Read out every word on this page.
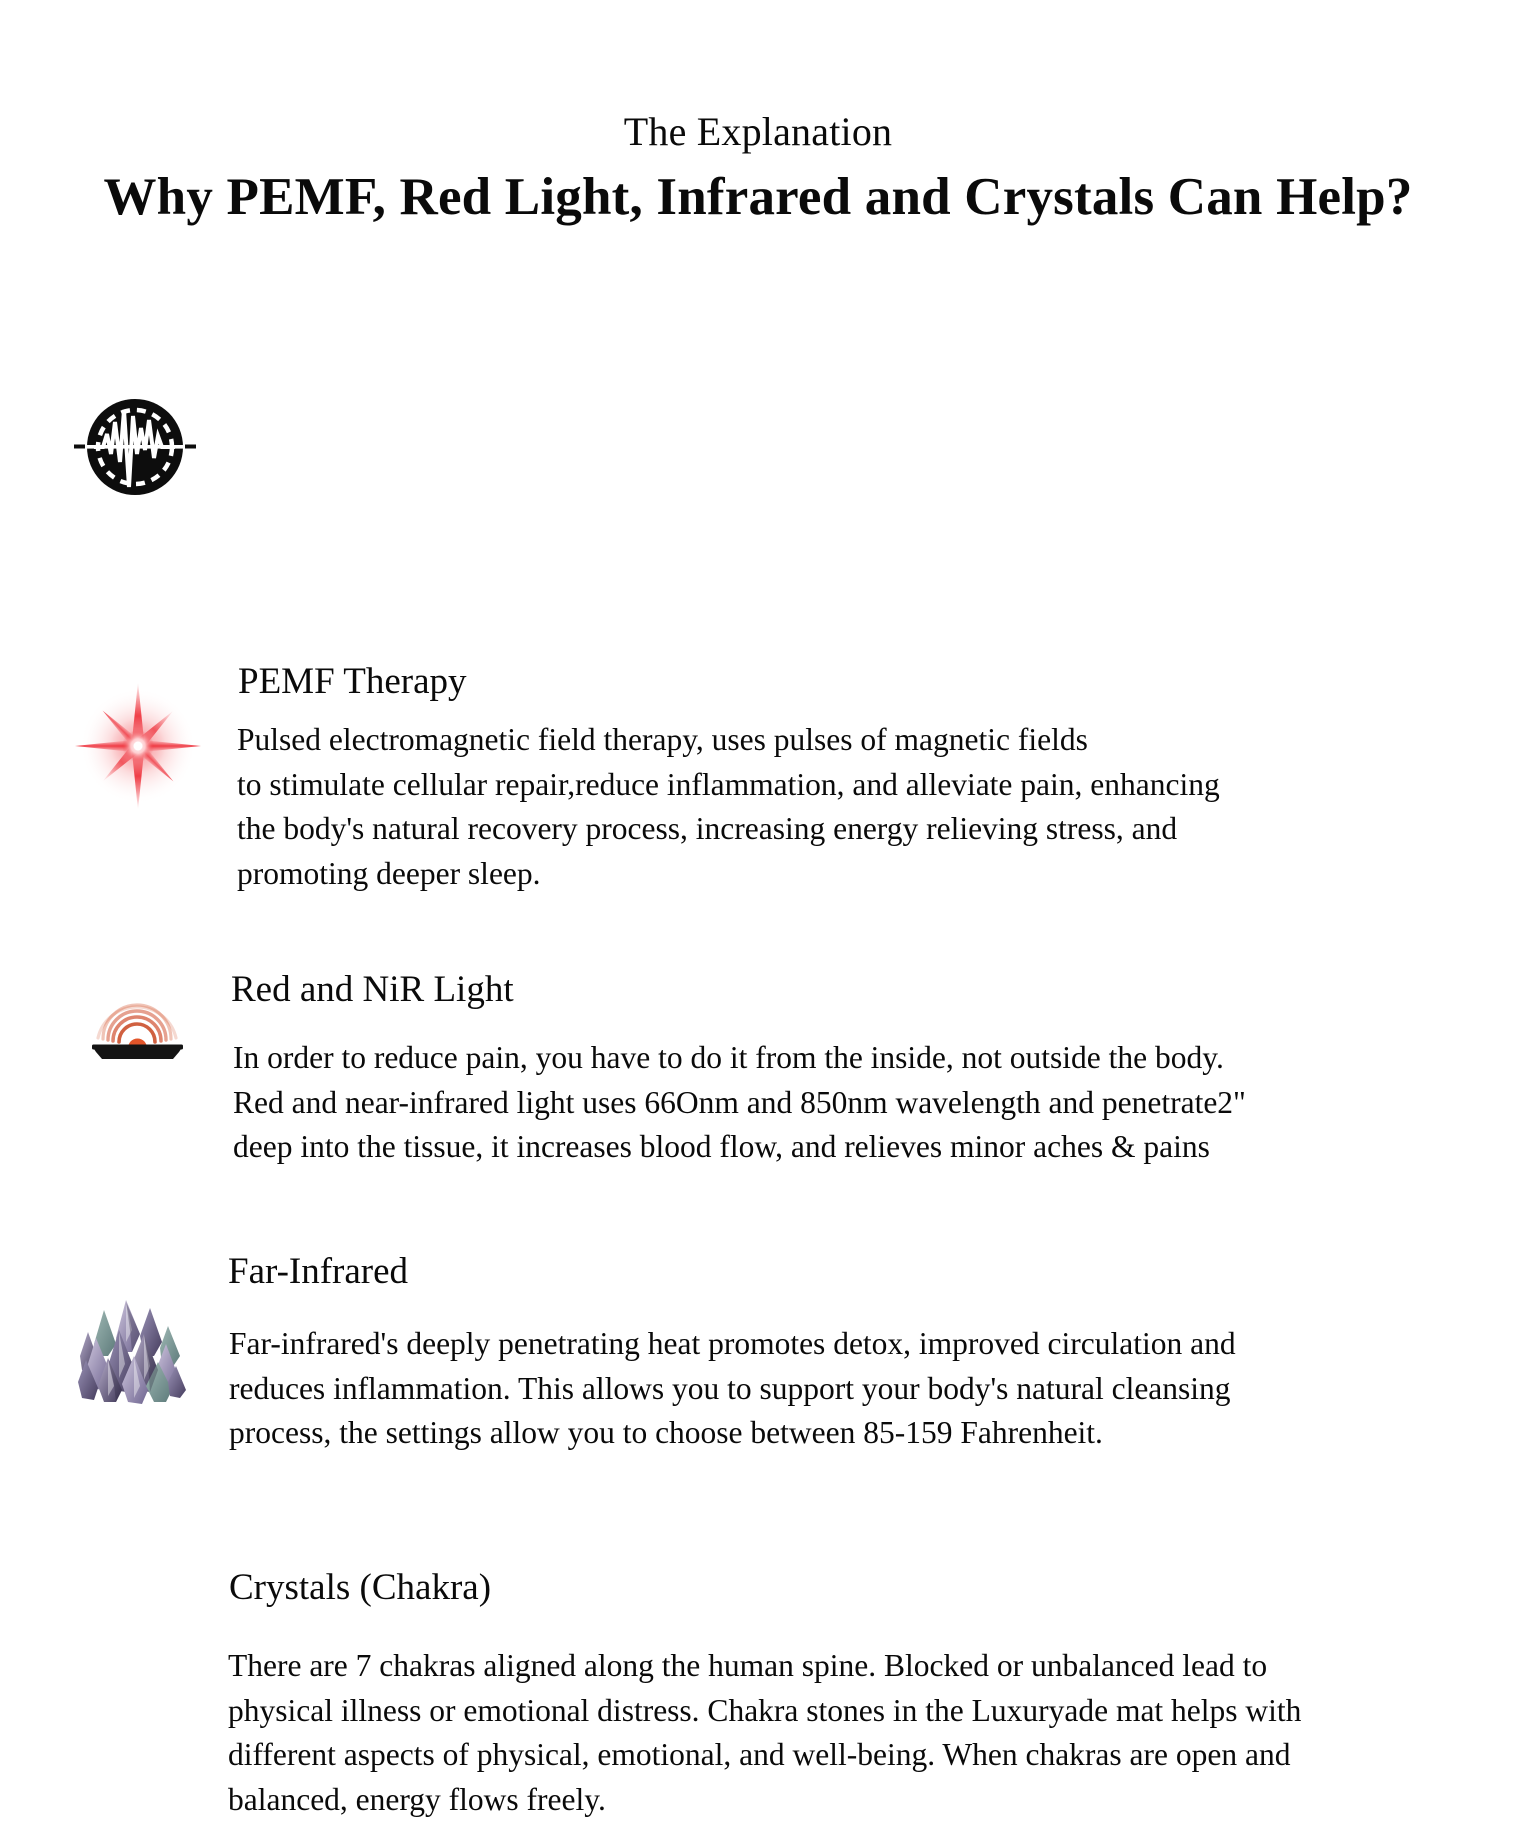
The Explanation
Why PEMF, Red Light, Infrared and Crystals Can Help?
PEMF Therapy

Pulsed electromagnetic field therapy, uses pulses of magnetic fields

to stimulate cellular repair,reduce inflammation, and alleviate pain, enhancing

the body's natural recovery process, increasing energy relieving stress, and

promoting deeper sleep.

Red and NiR Light

In order to reduce pain, you have to do it from the inside, not outside the body.

Red and near-infrared light uses 66Onm and 850nm wavelength and penetrate2"

deep into the tissue, it increases blood flow, and relieves minor aches & pains

Far-Infrared

Far-infrared's deeply penetrating heat promotes detox, improved circulation and

reduces inflammation. This allows you to support your body's natural cleansing

process, the settings allow you to choose between 85-159 Fahrenheit.

Crystals (Chakra)

There are 7 chakras aligned along the human spine. Blocked or unbalanced lead to

physical illness or emotional distress. Chakra stones in the Luxuryade mat helps with

different aspects of physical, emotional, and well-being. When chakras are open and

balanced, energy flows freely.
